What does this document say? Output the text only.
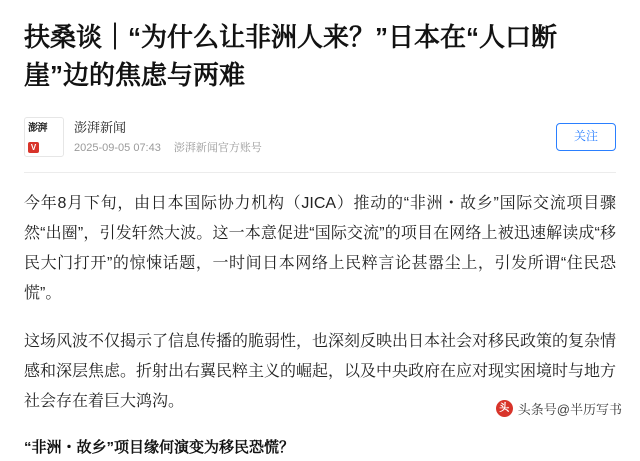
扶桑谈｜“为什么让非洲人来？”日本在“人口断崖”边的焦虑与两难
澎湃
V
澎湃新闻
2025-09-05 07:43 澎湃新闻官方账号
关注

今年8月下旬，由日本国际协力机构（JICA）推动的“非洲・故乡”国际交流项目骤然“出圈”，引发轩然大波。这一本意促进“国际交流”的项目在网络上被迅速解读成“移民大门打开”的惊悚话题，一时间日本网络上民粹言论甚嚣尘上，引发所谓“住民恐慌”。

这场风波不仅揭示了信息传播的脆弱性，也深刻反映出日本社会对移民政策的复杂情感和深层焦虑。折射出右翼民粹主义的崛起，以及中央政府在应对现实困境时与地方社会存在着巨大鸿沟。

“非洲・故乡”项目缘何演变为移民恐慌？

头 头条号@半历写书
